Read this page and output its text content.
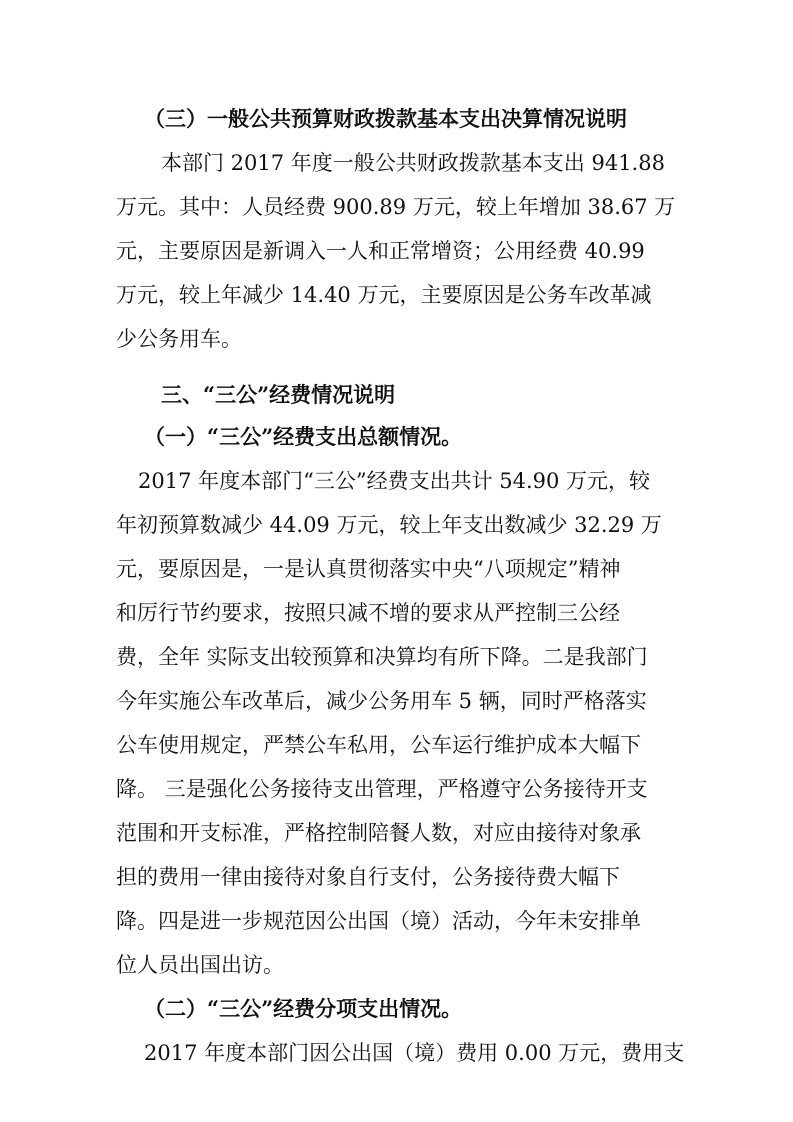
（三）一般公共预算财政拨款基本支出决算情况说明
本部门 2017 年度一般公共财政拨款基本支出 941.88
万元。其中：人员经费 900.89 万元，较上年增加 38.67 万
元，主要原因是新调入一人和正常增资；公用经费 40.99
万元，较上年减少 14.40 万元，主要原因是公务车改革减
少公务用车。
三、“三公”经费情况说明
（一）“三公”经费支出总额情况。
2017 年度本部门“三公”经费支出共计 54.90 万元，较
年初预算数减少 44.09 万元，较上年支出数减少 32.29 万
元，要原因是，一是认真贯彻落实中央“八项规定”精神
和厉行节约要求，按照只减不增的要求从严控制三公经
费，全年 实际支出较预算和决算均有所下降。二是我部门
今年实施公车改革后，减少公务用车 5 辆，同时严格落实
公车使用规定，严禁公车私用，公车运行维护成本大幅下
降。 三是强化公务接待支出管理，严格遵守公务接待开支
范围和开支标准，严格控制陪餐人数，对应由接待对象承
担的费用一律由接待对象自行支付，公务接待费大幅下
降。四是进一步规范因公出国（境）活动，今年未安排单
位人员出国出访。
（二）“三公”经费分项支出情况。
2017 年度本部门因公出国（境）费用 0.00 万元，费用支
